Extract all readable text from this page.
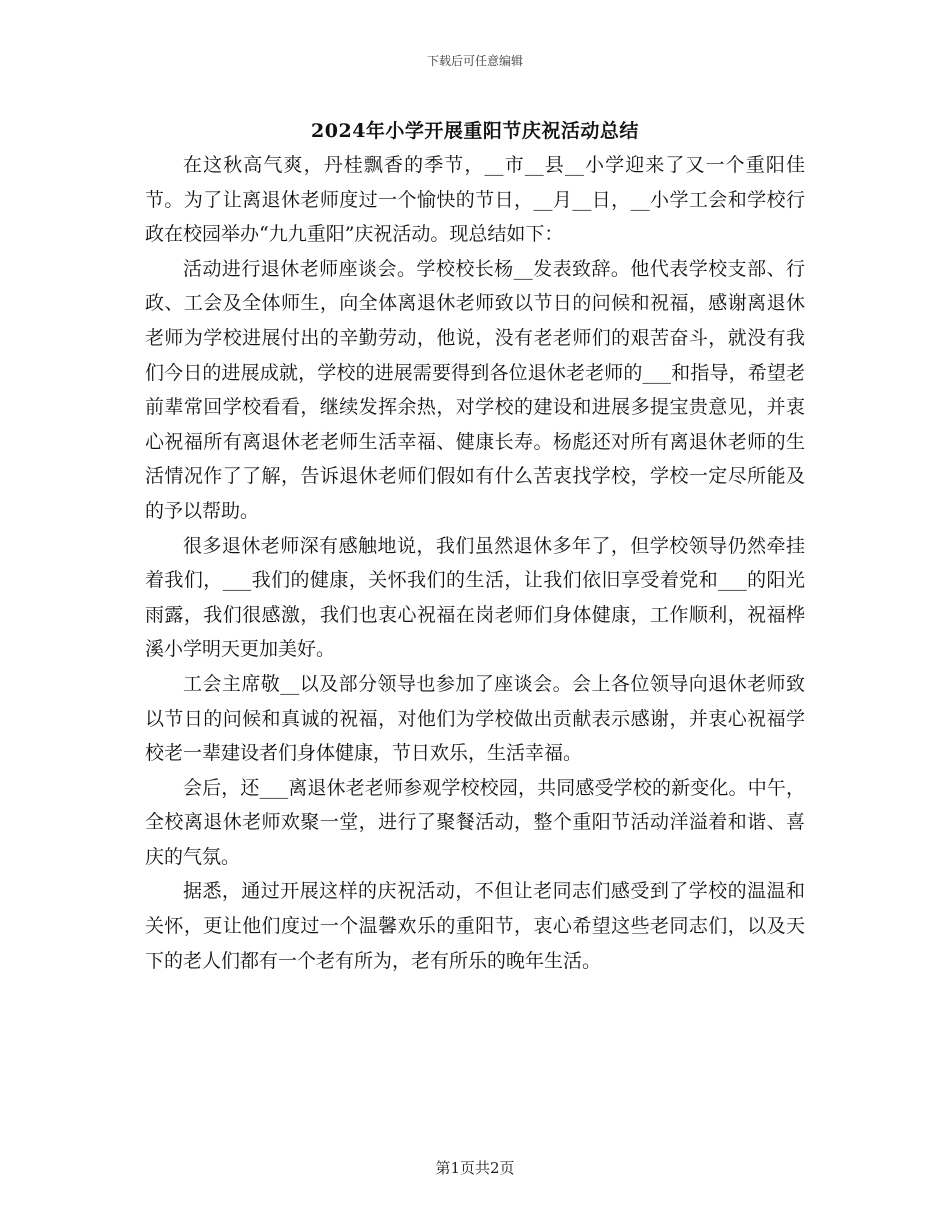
下载后可任意编辑
2024年小学开展重阳节庆祝活动总结

在这秋高气爽，丹桂飘香的季节，__市__县__小学迎来了又一个重阳佳节。为了让离退休老师度过一个愉快的节日，__月__日，__小学工会和学校行政在校园举办“九九重阳”庆祝活动。现总结如下：

活动进行退休老师座谈会。学校校长杨__发表致辞。他代表学校支部、行政、工会及全体师生，向全体离退休老师致以节日的问候和祝福，感谢离退休老师为学校进展付出的辛勤劳动，他说，没有老老师们的艰苦奋斗，就没有我们今日的进展成就，学校的进展需要得到各位退休老老师的___和指导，希望老前辈常回学校看看，继续发挥余热，对学校的建设和进展多提宝贵意见，并衷心祝福所有离退休老老师生活幸福、健康长寿。杨彪还对所有离退休老师的生活情况作了了解，告诉退休老师们假如有什么苦衷找学校，学校一定尽所能及的予以帮助。

很多退休老师深有感触地说，我们虽然退休多年了，但学校领导仍然牵挂着我们，___我们的健康，关怀我们的生活，让我们依旧享受着党和___的阳光雨露，我们很感激，我们也衷心祝福在岗老师们身体健康，工作顺利，祝福桦溪小学明天更加美好。

工会主席敬__以及部分领导也参加了座谈会。会上各位领导向退休老师致以节日的问候和真诚的祝福，对他们为学校做出贡献表示感谢，并衷心祝福学校老一辈建设者们身体健康，节日欢乐，生活幸福。

会后，还___离退休老老师参观学校校园，共同感受学校的新变化。中午，全校离退休老师欢聚一堂，进行了聚餐活动，整个重阳节活动洋溢着和谐、喜庆的气氛。

据悉，通过开展这样的庆祝活动，不但让老同志们感受到了学校的温温和关怀，更让他们度过一个温馨欢乐的重阳节，衷心希望这些老同志们，以及天下的老人们都有一个老有所为，老有所乐的晚年生活。

第1页共2页
